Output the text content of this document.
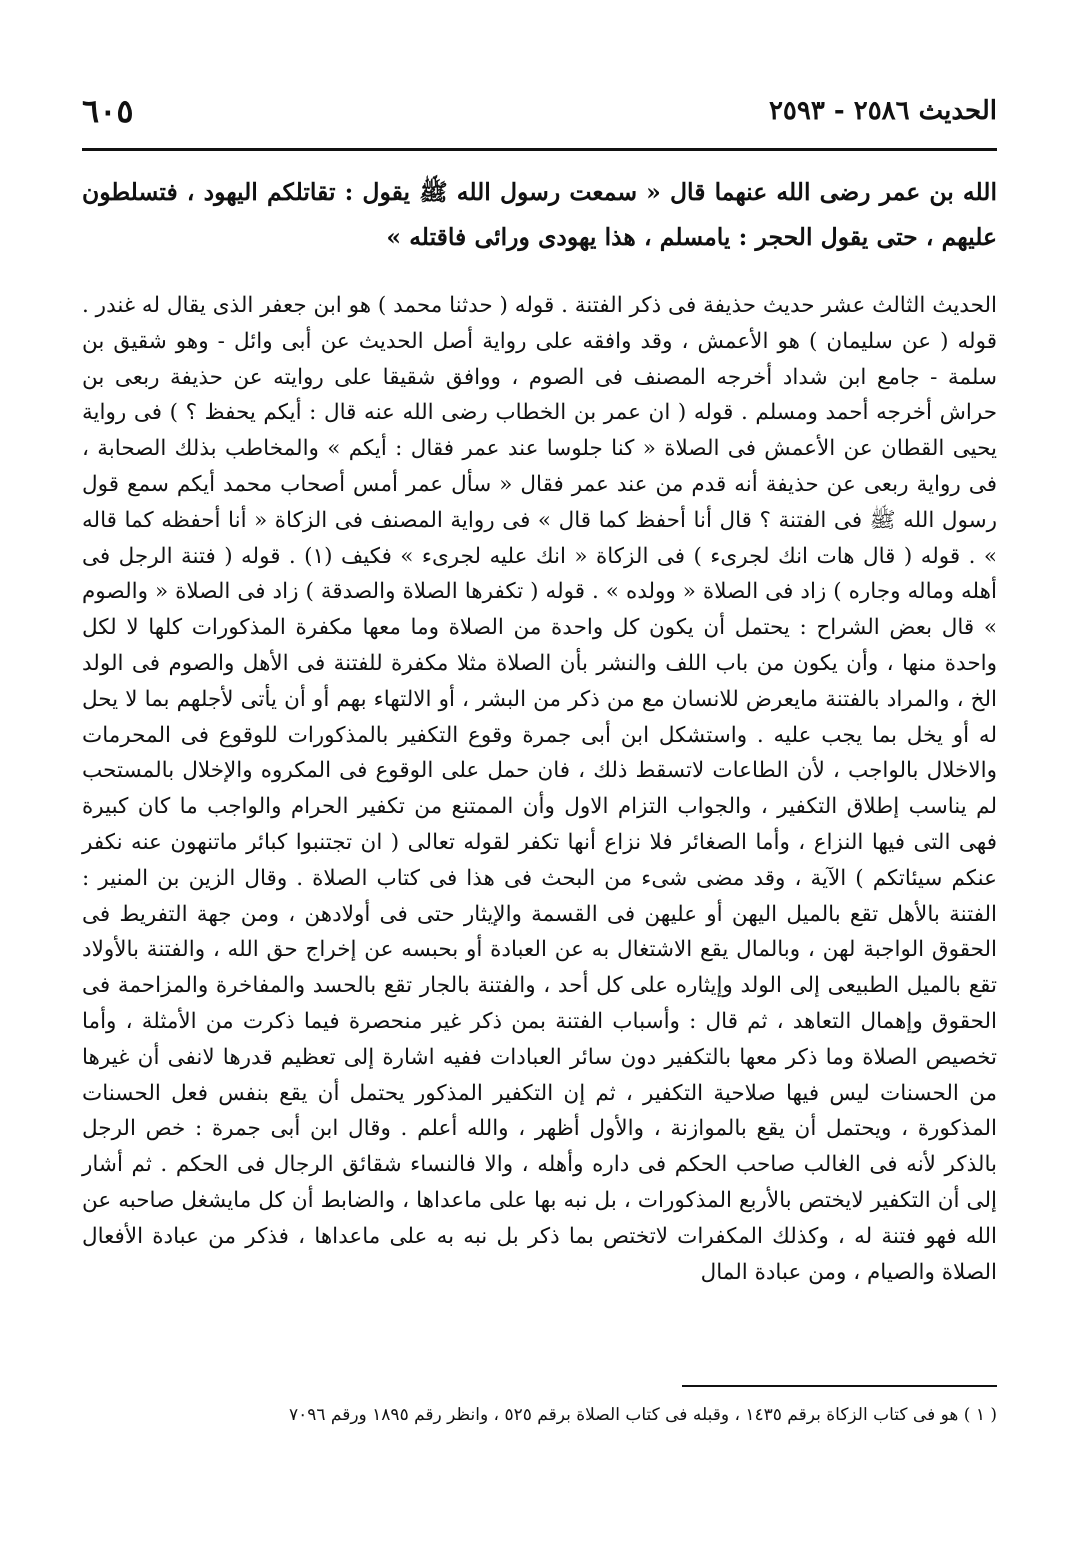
الحديث ٢٥٨٦ - ٢٥٩٣
٦٠٥
الله بن عمر رضى الله عنهما قال « سمعت رسول الله ﷺ يقول : تقاتلكم اليهود ، فتسلطون عليهم ، حتى يقول الحجر : يامسلم ، هذا يهودى ورائى فاقتله »

الحديث الثالث عشر حديث حذيفة فى ذكر الفتنة . قوله ( حدثنا محمد ) هو ابن جعفر الذى يقال له غندر . قوله ( عن سليمان ) هو الأعمش ، وقد وافقه على رواية أصل الحديث عن أبى وائل - وهو شقيق بن سلمة - جامع ابن شداد أخرجه المصنف فى الصوم ، ووافق شقيقا على روايته عن حذيفة ربعى بن حراش أخرجه أحمد ومسلم . قوله ( ان عمر بن الخطاب رضى الله عنه قال : أيكم يحفظ ؟ ) فى رواية يحيى القطان عن الأعمش فى الصلاة « كنا جلوسا عند عمر فقال : أيكم » والمخاطب بذلك الصحابة ، فى رواية ربعى عن حذيفة أنه قدم من عند عمر فقال « سأل عمر أمس أصحاب محمد أيكم سمع قول رسول الله ﷺ فى الفتنة ؟ قال أنا أحفظ كما قال » فى رواية المصنف فى الزكاة « أنا أحفظه كما قاله » . قوله ( قال هات انك لجرىء ) فى الزكاة « انك عليه لجرىء » فكيف (١) . قوله ( فتنة الرجل فى أهله وماله وجاره ) زاد فى الصلاة « وولده » . قوله ( تكفرها الصلاة والصدقة ) زاد فى الصلاة « والصوم » قال بعض الشراح : يحتمل أن يكون كل واحدة من الصلاة وما معها مكفرة المذكورات كلها لا لكل واحدة منها ، وأن يكون من باب اللف والنشر بأن الصلاة مثلا مكفرة للفتنة فى الأهل والصوم فى الولد الخ ، والمراد بالفتنة مايعرض للانسان مع من ذكر من البشر ، أو الالتهاء بهم أو أن يأتى لأجلهم بما لا يحل له أو يخل بما يجب عليه . واستشكل ابن أبى جمرة وقوع التكفير بالمذكورات للوقوع فى المحرمات والاخلال بالواجب ، لأن الطاعات لاتسقط ذلك ، فان حمل على الوقوع فى المكروه والإخلال بالمستحب لم يناسب إطلاق التكفير ، والجواب التزام الاول وأن الممتنع من تكفير الحرام والواجب ما كان كبيرة فهى التى فيها النزاع ، وأما الصغائر فلا نزاع أنها تكفر لقوله تعالى ( ان تجتنبوا كبائر ماتنهون عنه نكفر عنكم سيئاتكم ) الآية ، وقد مضى شىء من البحث فى هذا فى كتاب الصلاة . وقال الزين بن المنير : الفتنة بالأهل تقع بالميل اليهن أو عليهن فى القسمة والإيثار حتى فى أولادهن ، ومن جهة التفريط فى الحقوق الواجبة لهن ، وبالمال يقع الاشتغال به عن العبادة أو بحبسه عن إخراج حق الله ، والفتنة بالأولاد تقع بالميل الطبيعى إلى الولد وإيثاره على كل أحد ، والفتنة بالجار تقع بالحسد والمفاخرة والمزاحمة فى الحقوق وإهمال التعاهد ، ثم قال : وأسباب الفتنة بمن ذكر غير منحصرة فيما ذكرت من الأمثلة ، وأما تخصيص الصلاة وما ذكر معها بالتكفير دون سائر العبادات ففيه اشارة إلى تعظيم قدرها لانفى أن غيرها من الحسنات ليس فيها صلاحية التكفير ، ثم إن التكفير المذكور يحتمل أن يقع بنفس فعل الحسنات المذكورة ، ويحتمل أن يقع بالموازنة ، والأول أظهر ، والله أعلم . وقال ابن أبى جمرة : خص الرجل بالذكر لأنه فى الغالب صاحب الحكم فى داره وأهله ، والا فالنساء شقائق الرجال فى الحكم . ثم أشار إلى أن التكفير لايختص بالأربع المذكورات ، بل نبه بها على ماعداها ، والضابط أن كل مايشغل صاحبه عن الله فهو فتنة له ، وكذلك المكفرات لاتختص بما ذكر بل نبه به على ماعداها ، فذكر من عبادة الأفعال الصلاة والصيام ، ومن عبادة المال

( ١ ) هو فى كتاب الزكاة برقم ١٤٣٥ ، وقبله فى كتاب الصلاة برقم ٥٢٥ ، وانظر رقم ١٨٩٥ ورقم ٧٠٩٦
